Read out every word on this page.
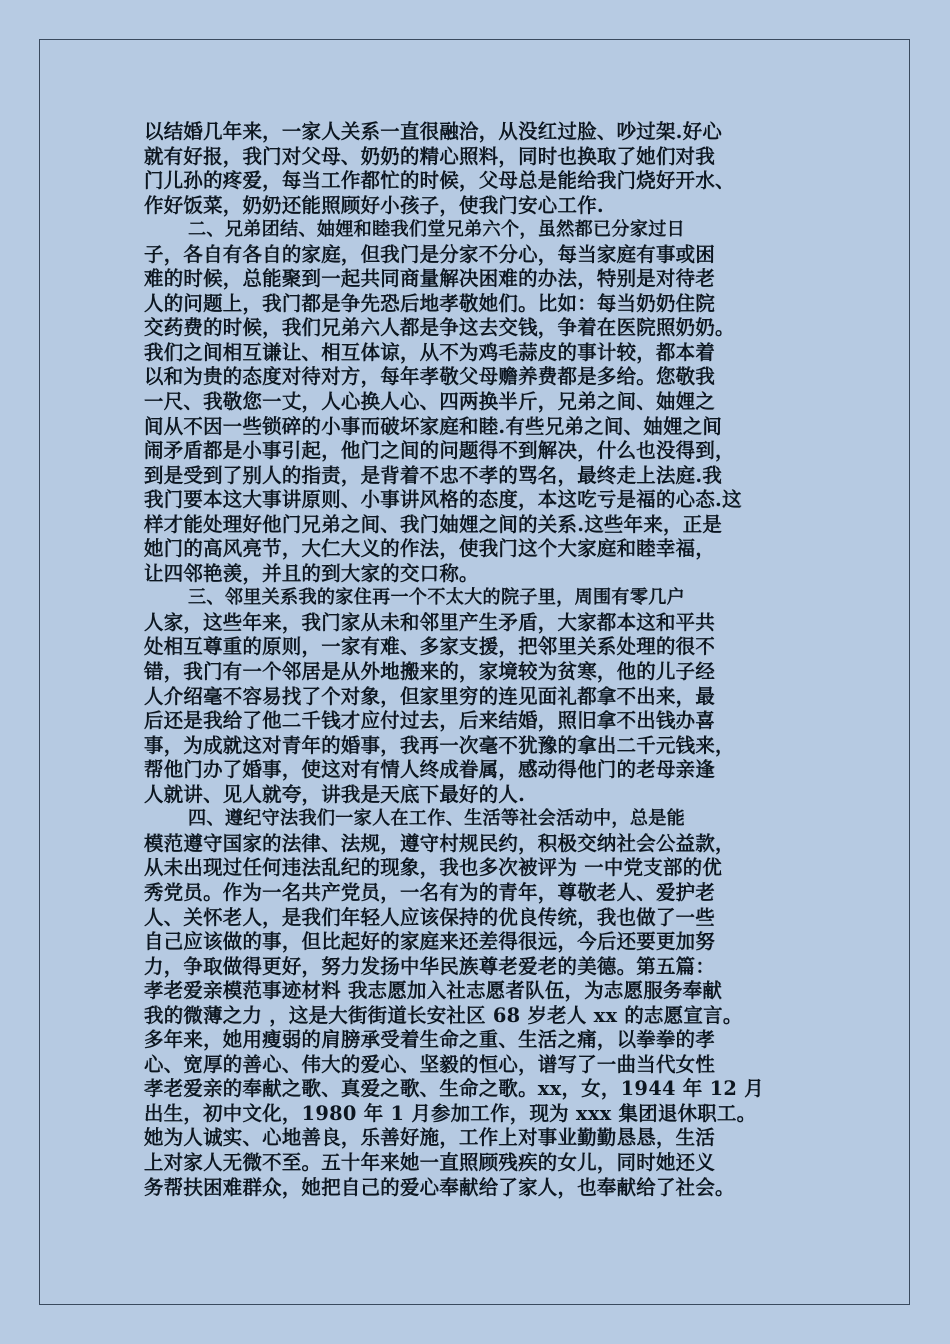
以结婚几年来，一家人关系一直很融洽，从没红过脸、吵过架.好心
就有好报，我门对父母、奶奶的精心照料，同时也换取了她们对我
门儿孙的疼爱，每当工作都忙的时候，父母总是能给我门烧好开水、
作好饭菜，奶奶还能照顾好小孩子，使我门安心工作.
二、兄弟团结、妯娌和睦我们堂兄弟六个，虽然都已分家过日
子，各自有各自的家庭，但我门是分家不分心，每当家庭有事或困
难的时候，总能聚到一起共同商量解决困难的办法，特别是对待老
人的问题上，我门都是争先恐后地孝敬她们。比如：每当奶奶住院
交药费的时候，我们兄弟六人都是争这去交钱，争着在医院照奶奶。
我们之间相互谦让、相互体谅，从不为鸡毛蒜皮的事计较，都本着
以和为贵的态度对待对方，每年孝敬父母赡养费都是多给。您敬我
一尺、我敬您一丈，人心换人心、四两换半斤，兄弟之间、妯娌之
间从不因一些锁碎的小事而破坏家庭和睦.有些兄弟之间、妯娌之间
闹矛盾都是小事引起，他门之间的问题得不到解决，什么也没得到，
到是受到了别人的指责，是背着不忠不孝的骂名，最终走上法庭.我
我门要本这大事讲原则、小事讲风格的态度，本这吃亏是福的心态.这
样才能处理好他门兄弟之间、我门妯娌之间的关系.这些年来，正是
她门的高风亮节，大仁大义的作法，使我门这个大家庭和睦幸福，
让四邻艳羡，并且的到大家的交口称。
三、邻里关系我的家住再一个不太大的院子里，周围有零几户
人家，这些年来，我门家从未和邻里产生矛盾，大家都本这和平共
处相互尊重的原则，一家有难、多家支援，把邻里关系处理的很不
错，我门有一个邻居是从外地搬来的，家境较为贫寒，他的儿子经
人介绍毫不容易找了个对象，但家里穷的连见面礼都拿不出来，最
后还是我给了他二千钱才应付过去，后来结婚，照旧拿不出钱办喜
事，为成就这对青年的婚事，我再一次毫不犹豫的拿出二千元钱来，
帮他门办了婚事，使这对有情人终成眷属，感动得他门的老母亲逢
人就讲、见人就夸，讲我是天底下最好的人.
四、遵纪守法我们一家人在工作、生活等社会活动中，总是能
模范遵守国家的法律、法规，遵守村规民约，积极交纳社会公益款，
从未出现过任何违法乱纪的现象，我也多次被评为 一中党支部的优
秀党员。作为一名共产党员，一名有为的青年，尊敬老人、爱护老
人、关怀老人，是我们年轻人应该保持的优良传统，我也做了一些
自己应该做的事，但比起好的家庭来还差得很远，今后还要更加努
力，争取做得更好，努力发扬中华民族尊老爱老的美德。第五篇：
孝老爱亲模范事迹材料 我志愿加入社志愿者队伍，为志愿服务奉献
我的微薄之力 ，这是大街街道长安社区 68 岁老人 xx 的志愿宣言。
多年来，她用瘦弱的肩膀承受着生命之重、生活之痛，以拳拳的孝
心、宽厚的善心、伟大的爱心、坚毅的恒心，谱写了一曲当代女性
孝老爱亲的奉献之歌、真爱之歌、生命之歌。xx，女，1944 年 12 月
出生，初中文化，1980 年 1 月参加工作，现为 xxx 集团退休职工。
她为人诚实、心地善良，乐善好施，工作上对事业勤勤恳恳，生活
上对家人无微不至。五十年来她一直照顾残疾的女儿，同时她还义
务帮扶困难群众，她把自己的爱心奉献给了家人，也奉献给了社会。
